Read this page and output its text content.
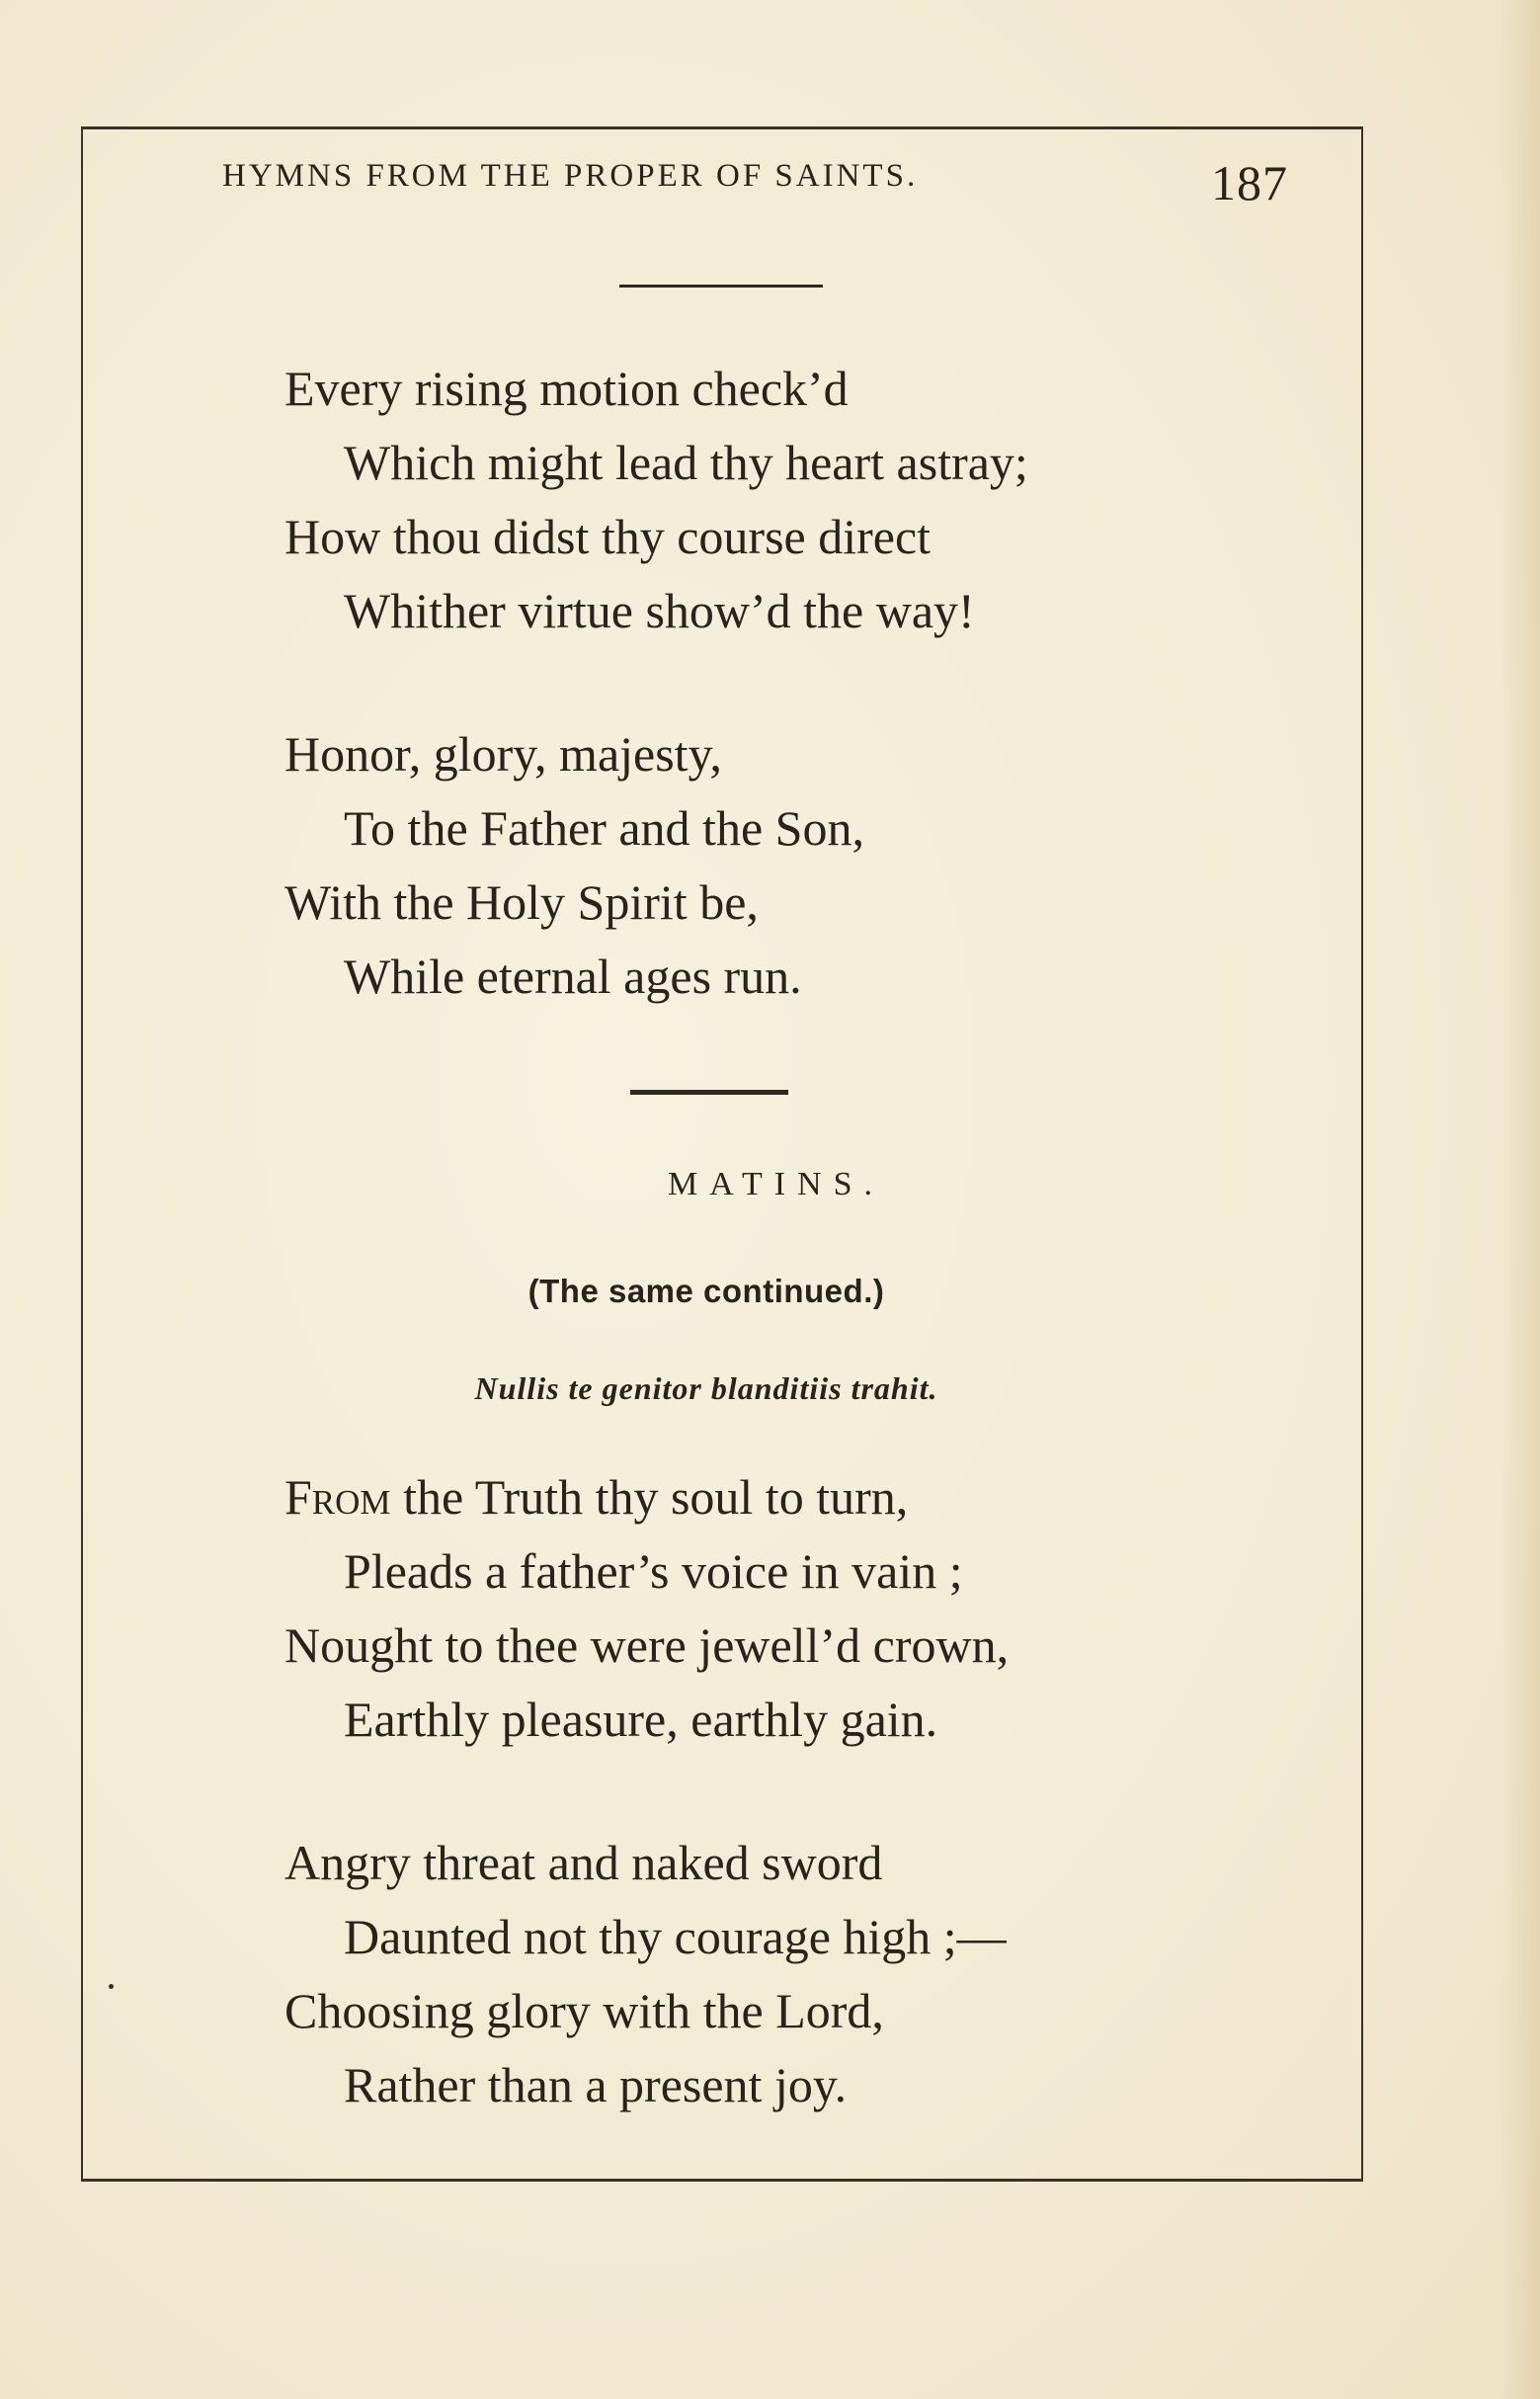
HYMNS FROM THE PROPER OF SAINTS.	187
Every rising motion check’d
Which might lead thy heart astray;
How thou didst thy course direct
Whither virtue show’d the way!
Honor, glory, majesty,
To the Father and the Son,
With the Holy Spirit be,
While eternal ages run.
MATINS.
(The same continued.)
Nullis te genitor blanditiis trahit.
From the Truth thy soul to turn,
Pleads a father’s voice in vain ;
Nought to thee were jewell’d crown,
Earthly pleasure, earthly gain.
Angry threat and naked sword
Daunted not thy courage high ;—
Choosing glory with the Lord,
Rather than a present joy.
